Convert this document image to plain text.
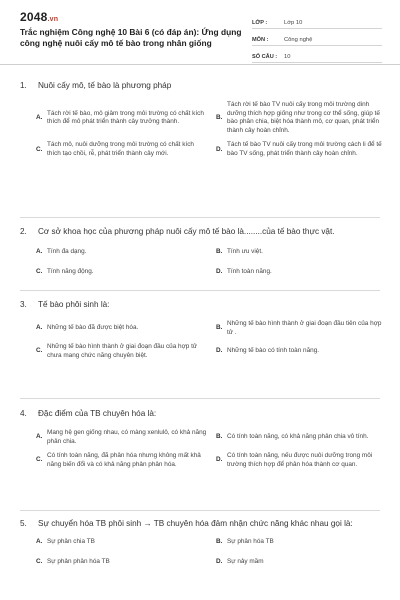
2048.vn
Trắc nghiệm Công nghệ 10 Bài 6 (có đáp án): Ứng dụng công nghệ nuôi cấy mô tế bào trong nhân giống
LỚP :	Lớp 10
MÔN :	Công nghệ
SỐ CÂU :	10
1.	Nuôi cấy mô, tế bào là phương pháp
A.
Tách rời tế bào, mô giâm trong môi trường có chất kích thích để mô phát triển thành cây trưởng thành.
B.
Tách rời tế bào TV nuôi cấy trong môi trường dinh dưỡng thích hợp giống như trong cơ thể sống, giúp tế bào phân chia, biệt hóa thành mô, cơ quan, phát triển thành cây hoàn chỉnh.
C.
Tách mô, nuôi dưỡng trong môi trường có chất kích thích tạo chồi, rễ, phát triển thành cây mới.
D.
Tách tế bào TV nuôi cấy trong môi trường cách li để tế bào TV sống, phát triển thành cây hoàn chỉnh.
2.	Cơ sở khoa học của phương pháp nuôi cấy mô tế bào là........của tế bào thực vật.
A. Tính đa dạng.	B. Tính ưu việt.
C. Tính năng động.	D. Tính toàn năng.
3.	Tế bào phôi sinh là:
A. Những tế bào đã được biệt hóa.	B.
Những tế bào hình thành ở giai đoạn đầu tiên của hợp tử .
C.
Những tế bào hình thành ở giai đoạn đầu của hợp tử chưa mang chức năng chuyên biệt.
D. Những tế bào có tính toàn năng.
4.	Đặc điểm của TB chuyên hóa là:
A.
Mang hệ gen giống nhau, có màng xenlulô, có khả năng phân chia.
B. Có tính toàn năng, có khả năng phân chia vô tính.
C.
Có tính toàn năng, đã phân hóa nhưng không mất khả năng biến đổi và có khả năng phản phân hóa.
D.
Có tính toàn năng, nếu được nuôi dưỡng trong môi trường thích hợp để phân hóa thành cơ quan.
5.	Sự chuyển hóa TB phôi sinh → TB chuyên hóa đảm nhận chức năng khác nhau gọi là:
A. Sự phân chia TB	B. Sự phân hóa TB
C. Sự phản phân hóa TB	D. Sự nảy mầm
